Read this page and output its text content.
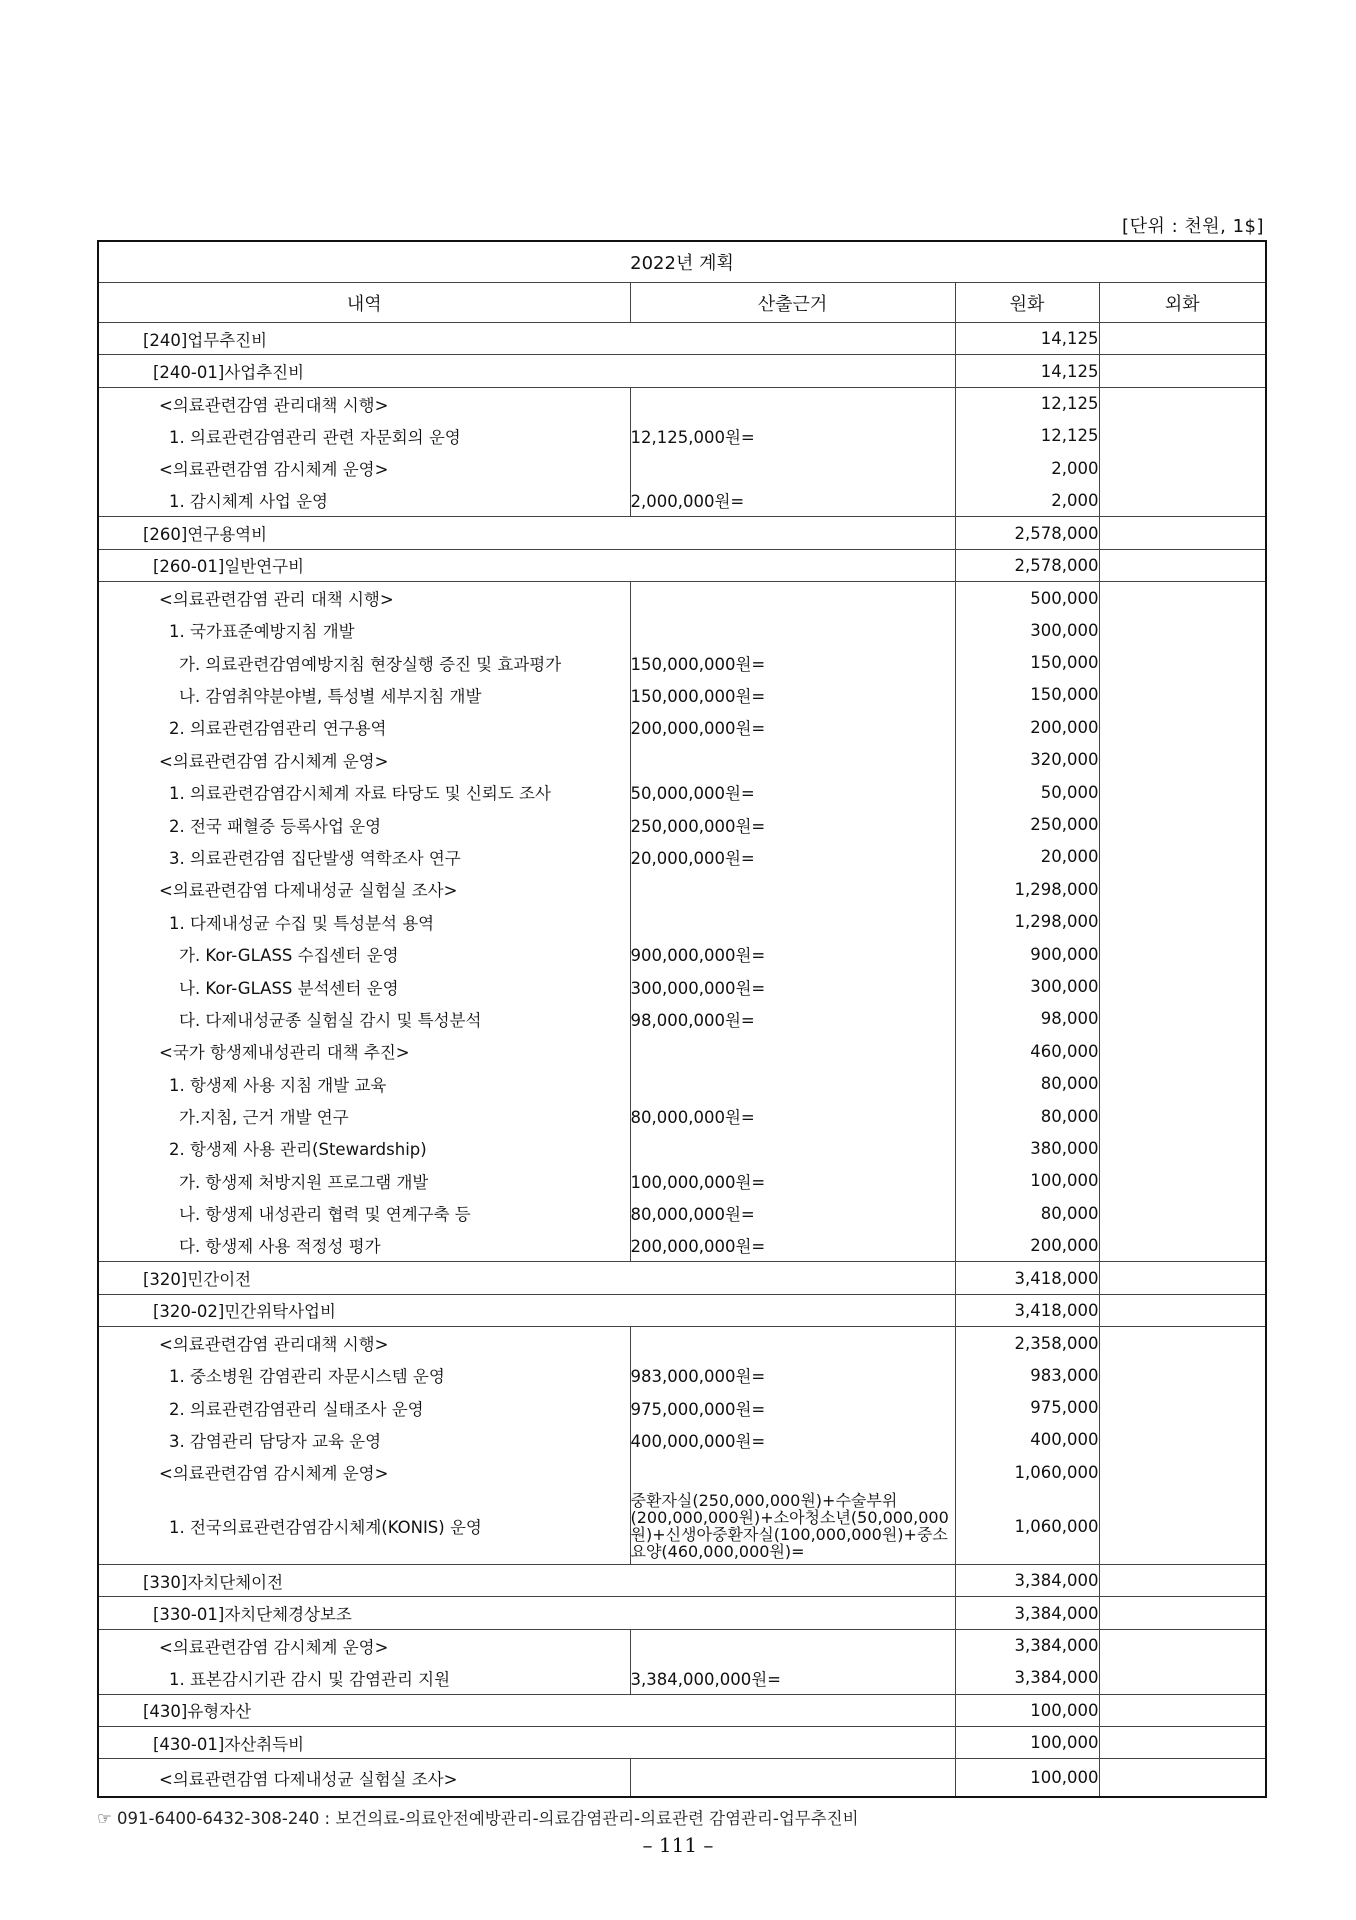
[단위 : 천원, 1$]
2022년 계획			
내역	산출근거	원화	외화
[240]업무추진비		14,125	
[240-01]사업추진비		14,125	
<의료관련감염 관리대책 시행>		12,125	
1. 의료관련감염관리 관련 자문회의 운영	12,125,000원=	12,125	
<의료관련감염 감시체계 운영>		2,000	
1. 감시체계 사업 운영	2,000,000원=	2,000	
[260]연구용역비		2,578,000	
[260-01]일반연구비		2,578,000	
<의료관련감염 관리 대책 시행>		500,000	
1. 국가표준예방지침 개발		300,000	
가. 의료관련감염예방지침 현장실행 증진 및 효과평가	150,000,000원=	150,000	
나. 감염취약분야별, 특성별 세부지침 개발	150,000,000원=	150,000	
2. 의료관련감염관리 연구용역	200,000,000원=	200,000	
<의료관련감염 감시체계 운영>		320,000	
1. 의료관련감염감시체계 자료 타당도 및 신뢰도 조사	50,000,000원=	50,000	
2. 전국 패혈증 등록사업 운영	250,000,000원=	250,000	
3. 의료관련감염 집단발생 역학조사 연구	20,000,000원=	20,000	
<의료관련감염 다제내성균 실험실 조사>		1,298,000	
1. 다제내성균 수집 및 특성분석 용역		1,298,000	
가. Kor-GLASS 수집센터 운영	900,000,000원=	900,000	
나. Kor-GLASS 분석센터 운영	300,000,000원=	300,000	
다. 다제내성균종 실험실 감시 및 특성분석	98,000,000원=	98,000	
<국가 항생제내성관리 대책 추진>		460,000	
1. 항생제 사용 지침 개발 교육		80,000	
가.지침, 근거 개발 연구	80,000,000원=	80,000	
2. 항생제 사용 관리(Stewardship)		380,000	
가. 항생제 처방지원 프로그램 개발	100,000,000원=	100,000	
나. 항생제 내성관리 협력 및 연계구축 등	80,000,000원=	80,000	
다. 항생제 사용 적정성 평가	200,000,000원=	200,000	
[320]민간이전		3,418,000	
[320-02]민간위탁사업비		3,418,000	
<의료관련감염 관리대책 시행>		2,358,000	
1. 중소병원 감염관리 자문시스템 운영	983,000,000원=	983,000	
2. 의료관련감염관리 실태조사 운영	975,000,000원=	975,000	
3. 감염관리 담당자 교육 운영	400,000,000원=	400,000	
<의료관련감염 감시체계 운영>		1,060,000	
1. 전국의료관련감염감시체계(KONIS) 운영	중환자실(250,000,000원)+수술부위(200,000,000원)+소아청소년(50,000,000원)+신생아중환자실(100,000,000원)+중소요양(460,000,000원)=	1,060,000	
[330]자치단체이전		3,384,000	
[330-01]자치단체경상보조		3,384,000	
<의료관련감염 감시체계 운영>		3,384,000	
1. 표본감시기관 감시 및 감염관리 지원	3,384,000,000원=	3,384,000	
[430]유형자산		100,000	
[430-01]자산취득비		100,000	
<의료관련감염 다제내성균 실험실 조사>		100,000	
☞ 091-6400-6432-308-240 : 보건의료-의료안전예방관리-의료감염관리-의료관련 감염관리-업무추진비
– 111 –
